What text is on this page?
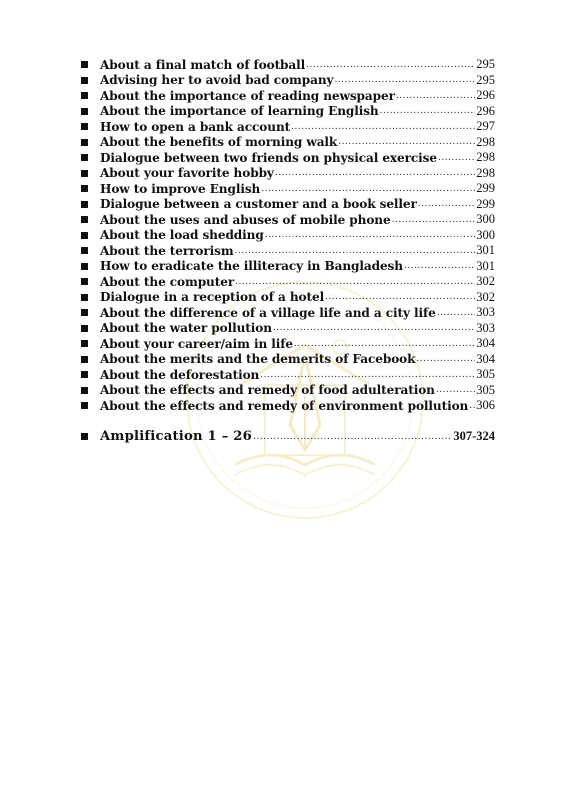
About a final match of football .....	295
Advising her to avoid bad company .....	295
About the importance of reading newspaper .....	296
About the importance of learning English .....	296
How to open a bank account .....	297
About the benefits of morning walk .....	298
Dialogue between two friends on physical exercise .....	298
About your favorite hobby .....	298
How to improve English .....	299
Dialogue between a customer and a book seller .....	299
About the uses and abuses of mobile phone .....	300
About the load shedding .....	300
About the terrorism .....	301
How to eradicate the illiteracy in Bangladesh .....	301
About the computer .....	302
Dialogue in a reception of a hotel .....	302
About the difference of a village life and a city life .....	303
About the water pollution .....	303
About your career/aim in life .....	304
About the merits and the demerits of Facebook .....	304
About the deforestation .....	305
About the effects and remedy of food adulteration .....	305
About the effects and remedy of environment pollution ..... 306
Amplification 1 – 26 .....	307-324
